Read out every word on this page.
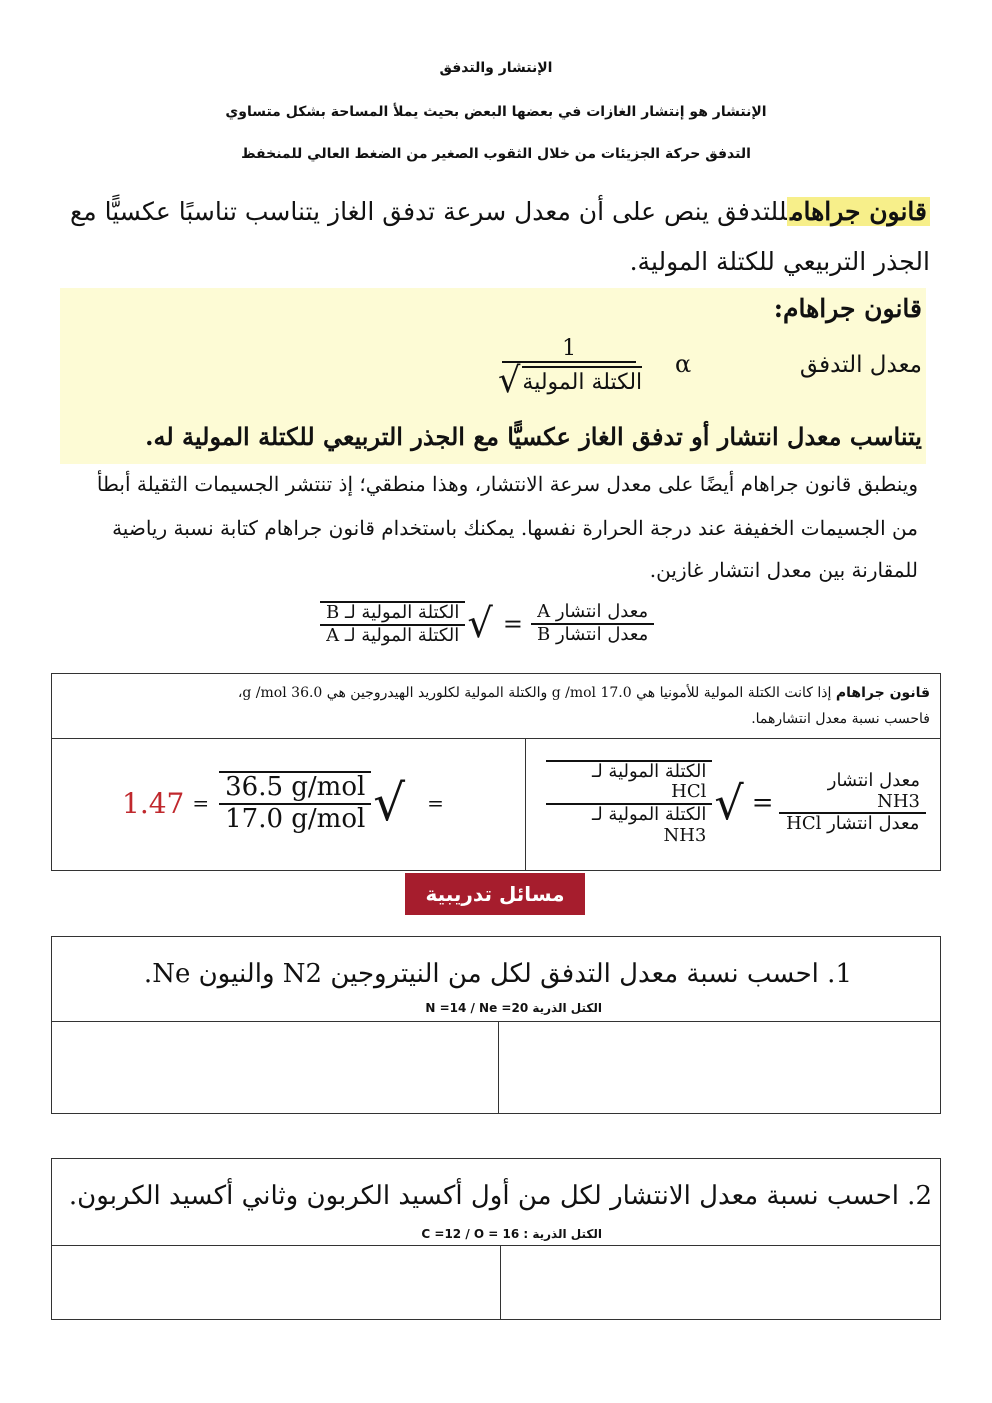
الإنتشار والتدفق
الإنتشار هو إنتشار الغازات في بعضها البعض بحيث يملأ المساحة بشكل متساوي
التدفق حركة الجزيئات من خلال الثقوب الصغير من الضغط العالي للمنخفظ
قانون جراهامللتدفق ينص على أن معدل سرعة تدفق الغاز يتناسب تناسبًا عكسيًّا مع
الجذر التربيعي للكتلة المولية.
قانون جراهام:
معدل التدفق
α
1
√ الكتلة المولية
يتناسب معدل انتشار أو تدفق الغاز عكسيًّا مع الجذر التربيعي للكتلة المولية له.
وينطبق قانون جراهام أيضًا على معدل سرعة الانتشار، وهذا منطقي؛ إذ تنتشر الجسيمات الثقيلة أبطأ
من الجسيمات الخفيفة عند درجة الحرارة نفسها. يمكنك باستخدام قانون جراهام كتابة نسبة رياضية
للمقارنة بين معدل انتشار غازين.
$\frac{\text{الكتلة المولية لـ B}}{\text{الكتلة المولية لـ A}}$ √ = $\frac{\text{معدل انتشار A}}{\text{معدل انتشار B}}$
قانون جراهام إذا كانت الكتلة المولية للأمونيا هي 17.0 g /mol والكتلة المولية لكلوريد الهيدروجين هي 36.0 g /mol،
فاحسب نسبة معدل انتشارهما.
$\frac{\text{الكتلة المولية لـ HCl}}{\text{الكتلة المولية لـ NH3}}$ √ = $\frac{\text{معدل انتشار NH3}}{\text{معدل انتشار HCl}}$
$1.47 = \frac{\text{36.5 g/mol}}{\text{17.0 g/mol}}$ √ =
مسائل تدريبية
1. احسب نسبة معدل التدفق لكل من النيتروجين N2 والنيون Ne.
الكتل الذرية N =14 / Ne =20
2. احسب نسبة معدل الانتشار لكل من أول أكسيد الكربون وثاني أكسيد الكربون.
الكتل الذرية : C =12 / O = 16
